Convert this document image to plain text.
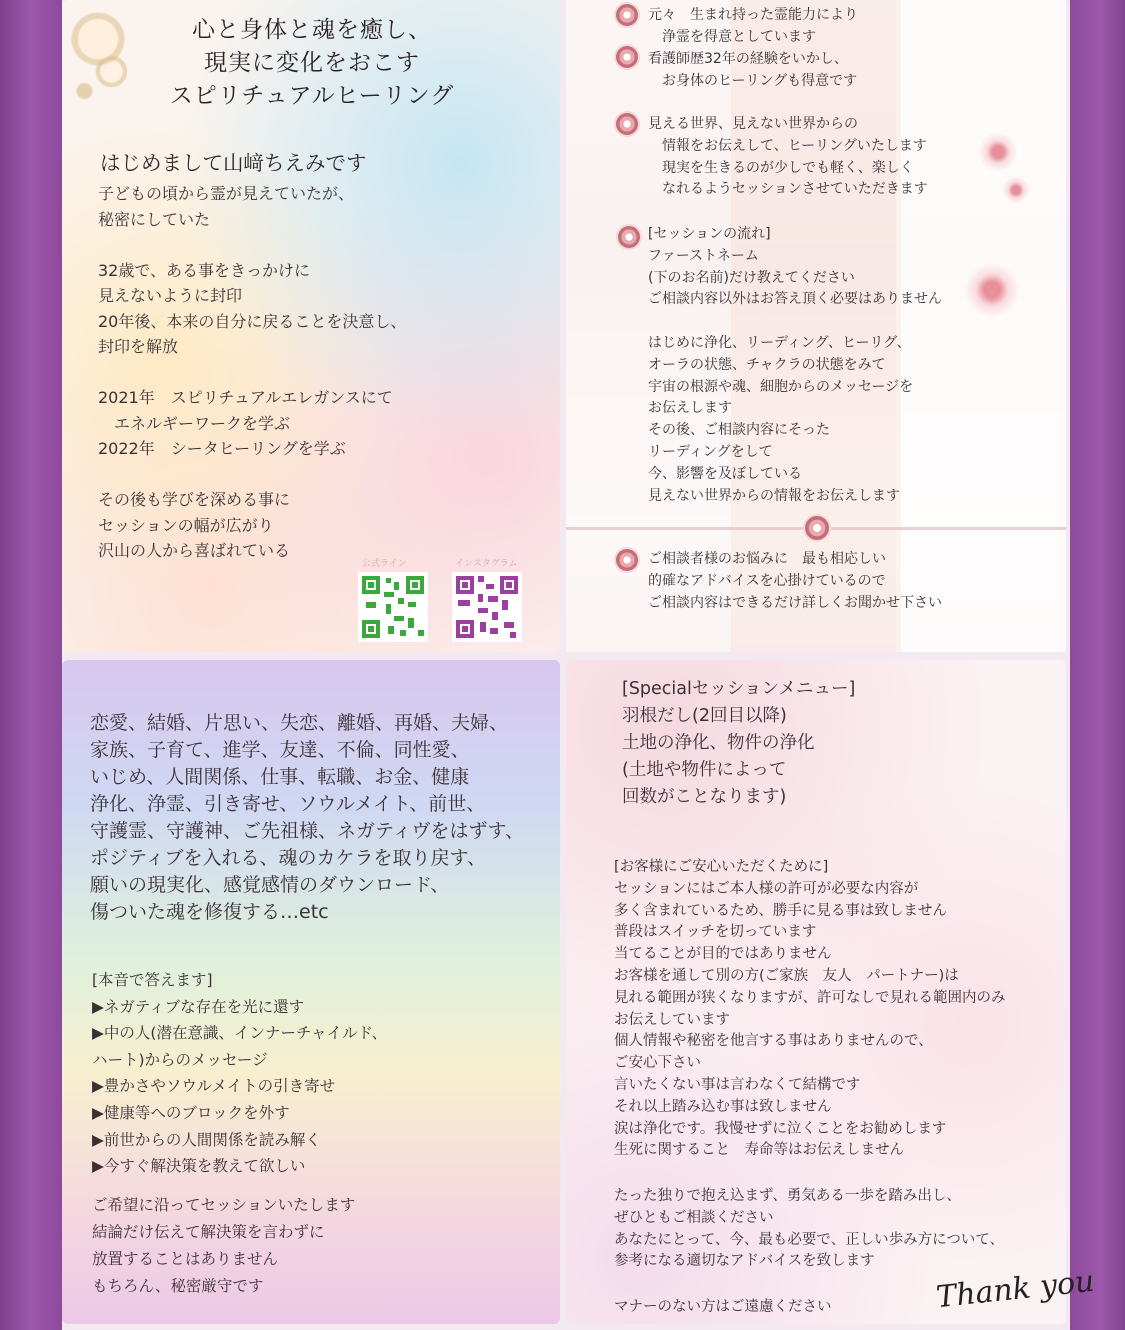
心と身体と魂を癒し、
現実に変化をおこす
スピリチュアルヒーリング
はじめまして山﨑ちえみです
子どもの頃から霊が見えていたが、
秘密にしていた

32歳で、ある事をきっかけに
見えないように封印
20年後、本来の自分に戻ることを決意し、
封印を解放

2021年　スピリチュアルエレガンスにて
　エネルギーワークを学ぶ
2022年　シータヒーリングを学ぶ

その後も学びを深める事に
セッションの幅が広がり
沢山の人から喜ばれている
公式ライン	インスタグラム
元々　生まれ持った霊能力により
　浄霊を得意としています
看護師歴32年の経験をいかし、
　お身体のヒーリングも得意です
見える世界、見えない世界からの
　情報をお伝えして、ヒーリングいたします
　現実を生きるのが少しでも軽く、楽しく
　なれるようセッションさせていただきます
[セッションの流れ]
ファーストネーム
(下のお名前)だけ教えてください
ご相談内容以外はお答え頂く必要はありません

はじめに浄化、リーディング、ヒーリグ、
オーラの状態、チャクラの状態をみて
宇宙の根源や魂、細胞からのメッセージを
お伝えします
その後、ご相談内容にそった
リーディングをして
今、影響を及ぼしている
見えない世界からの情報をお伝えします
ご相談者様のお悩みに　最も相応しい
的確なアドバイスを心掛けているので
ご相談内容はできるだけ詳しくお聞かせ下さい
恋愛、結婚、片思い、失恋、離婚、再婚、夫婦、
家族、子育て、進学、友達、不倫、同性愛、
いじめ、人間関係、仕事、転職、お金、健康
浄化、浄霊、引き寄せ、ソウルメイト、前世、
守護霊、守護神、ご先祖様、ネガティヴをはずす、
ポジティブを入れる、魂のカケラを取り戻す、
願いの現実化、感覚感情のダウンロード、
傷ついた魂を修復する…etc
[本音で答えます]
▶ネガティブな存在を光に還す
▶中の人(潜在意識、インナーチャイルド、
ハート)からのメッセージ
▶豊かさやソウルメイトの引き寄せ
▶健康等へのブロックを外す
▶前世からの人間関係を読み解く
▶今すぐ解決策を教えて欲しい
ご希望に沿ってセッションいたします
結論だけ伝えて解決策を言わずに
放置することはありません
もちろん、秘密厳守です
[Specialセッションメニュー]
羽根だし(2回目以降)
土地の浄化、物件の浄化
(土地や物件によって
回数がことなります)
[お客様にご安心いただくために]
セッションにはご本人様の許可が必要な内容が
多く含まれているため、勝手に見る事は致しません
普段はスイッチを切っています
当てることが目的ではありません
お客様を通して別の方(ご家族　友人　パートナー)は
見れる範囲が狭くなりますが、許可なしで見れる範囲内のみ
お伝えしています
個人情報や秘密を他言する事はありませんので、
ご安心下さい
言いたくない事は言わなくて結構です
それ以上踏み込む事は致しません
涙は浄化です。我慢せずに泣くことをお勧めします
生死に関すること　寿命等はお伝えしません
たった独りで抱え込まず、勇気ある一歩を踏み出し、
ぜひともご相談ください
あなたにとって、今、最も必要で、正しい歩み方について、
参考になる適切なアドバイスを致します
マナーのない方はご遠慮ください	Thank you
